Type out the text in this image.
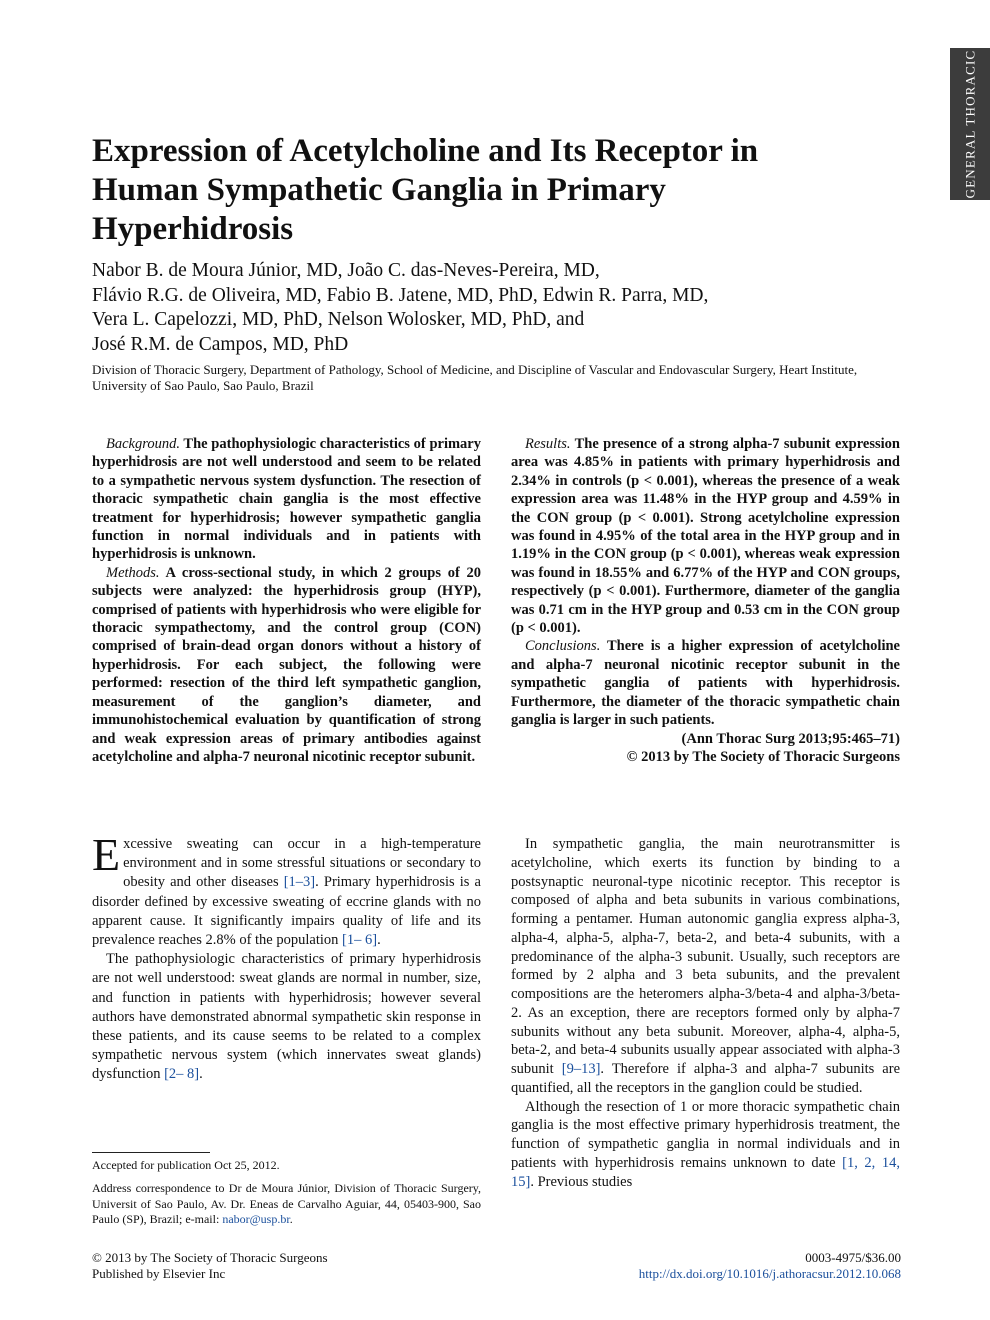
GENERAL THORACIC
Expression of Acetylcholine and Its Receptor in Human Sympathetic Ganglia in Primary Hyperhidrosis
Nabor B. de Moura Júnior, MD, João C. das-Neves-Pereira, MD,
Flávio R.G. de Oliveira, MD, Fabio B. Jatene, MD, PhD, Edwin R. Parra, MD,
Vera L. Capelozzi, MD, PhD, Nelson Wolosker, MD, PhD, and
José R.M. de Campos, MD, PhD
Division of Thoracic Surgery, Department of Pathology, School of Medicine, and Discipline of Vascular and Endovascular Surgery, Heart Institute, University of Sao Paulo, Sao Paulo, Brazil

Background. The pathophysiologic characteristics of primary hyperhidrosis are not well understood and seem to be related to a sympathetic nervous system dysfunction. The resection of thoracic sympathetic chain ganglia is the most effective treatment for hyperhidrosis; however sympathetic ganglia function in normal individuals and in patients with hyperhidrosis is unknown.

Methods. A cross-sectional study, in which 2 groups of 20 subjects were analyzed: the hyperhidrosis group (HYP), comprised of patients with hyperhidrosis who were eligible for thoracic sympathectomy, and the control group (CON) comprised of brain-dead organ donors without a history of hyperhidrosis. For each subject, the following were performed: resection of the third left sympathetic ganglion, measurement of the ganglion’s diameter, and immunohistochemical evaluation by quantification of strong and weak expression areas of primary antibodies against acetylcholine and alpha-7 neuronal nicotinic receptor subunit.

Results. The presence of a strong alpha-7 subunit expression area was 4.85% in patients with primary hyperhidrosis and 2.34% in controls (p < 0.001), whereas the presence of a weak expression area was 11.48% in the HYP group and 4.59% in the CON group (p < 0.001). Strong acetylcholine expression was found in 4.95% of the total area in the HYP group and in 1.19% in the CON group (p < 0.001), whereas weak expression was found in 18.55% and 6.77% of the HYP and CON groups, respectively (p < 0.001). Furthermore, diameter of the ganglia was 0.71 cm in the HYP group and 0.53 cm in the CON group (p < 0.001).

Conclusions. There is a higher expression of acetylcholine and alpha-7 neuronal nicotinic receptor subunit in the sympathetic ganglia of patients with hyperhidrosis. Furthermore, the diameter of the thoracic sympathetic chain ganglia is larger in such patients.

(Ann Thorac Surg 2013;95:465–71)

© 2013 by The Society of Thoracic Surgeons

Excessive sweating can occur in a high-temperature environment and in some stressful situations or secondary to obesity and other diseases [1–3]. Primary hyperhidrosis is a disorder defined by excessive sweating of eccrine glands with no apparent cause. It significantly impairs quality of life and its prevalence reaches 2.8% of the population [1– 6].

The pathophysiologic characteristics of primary hyperhidrosis are not well understood: sweat glands are normal in number, size, and function in patients with hyperhidrosis; however several authors have demonstrated abnormal sympathetic skin response in these patients, and its cause seems to be related to a complex sympathetic nervous system (which innervates sweat glands) dysfunction [2– 8].

In sympathetic ganglia, the main neurotransmitter is acetylcholine, which exerts its function by binding to a postsynaptic neuronal-type nicotinic receptor. This receptor is composed of alpha and beta subunits in various combinations, forming a pentamer. Human autonomic ganglia express alpha-3, alpha-4, alpha-5, alpha-7, beta-2, and beta-4 subunits, with a predominance of the alpha-3 subunit. Usually, such receptors are formed by 2 alpha and 3 beta subunits, and the prevalent compositions are the heteromers alpha-3/beta-4 and alpha-3/beta-2. As an exception, there are receptors formed only by alpha-7 subunits without any beta subunit. Moreover, alpha-4, alpha-5, beta-2, and beta-4 subunits usually appear associated with alpha-3 subunit [9–13]. Therefore if alpha-3 and alpha-7 subunits are quantified, all the receptors in the ganglion could be studied.

Although the resection of 1 or more thoracic sympathetic chain ganglia is the most effective primary hyperhidrosis treatment, the function of sympathetic ganglia in normal individuals and in patients with hyperhidrosis remains unknown to date [1, 2, 14, 15]. Previous studies

Accepted for publication Oct 25, 2012.

Address correspondence to Dr de Moura Júnior, Division of Thoracic Surgery, Universit of Sao Paulo, Av. Dr. Eneas de Carvalho Aguiar, 44, 05403-900, Sao Paulo (SP), Brazil; e-mail: nabor@usp.br.

© 2013 by The Society of Thoracic Surgeons
Published by Elsevier Inc
0003-4975/$36.00
http://dx.doi.org/10.1016/j.athoracsur.2012.10.068
